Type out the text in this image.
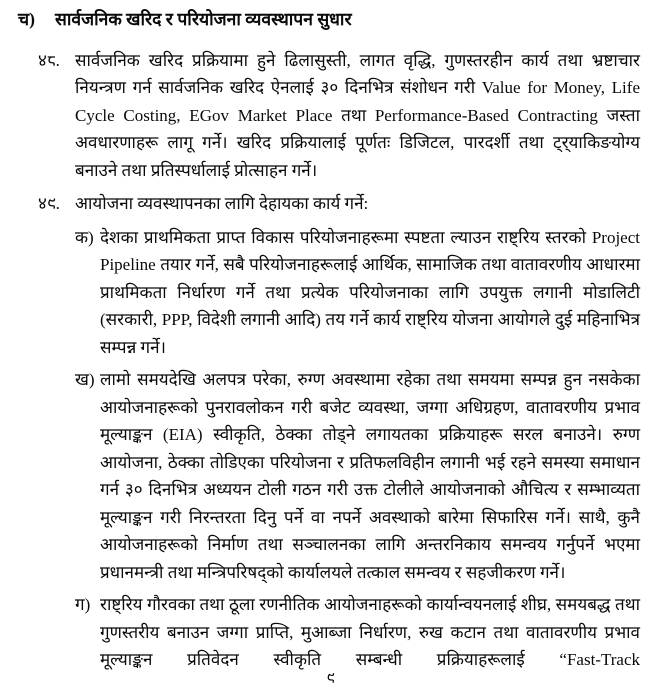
च)	सार्वजनिक खरिद र परियोजना व्यवस्थापन सुधार
४८. सार्वजनिक खरिद प्रक्रियामा हुने ढिलासुस्ती, लागत वृद्धि, गुणस्तरहीन कार्य तथा भ्रष्टाचार नियन्त्रण गर्न सार्वजनिक खरिद ऐनलाई ३० दिनभित्र संशोधन गरी Value for Money, Life Cycle Costing, EGov Market Place तथा Performance-Based Contracting जस्ता अवधारणाहरू लागू गर्ने। खरिद प्रक्रियालाई पूर्णतः डिजिटल, पारदर्शी तथा ट्र्याकिङयोग्य बनाउने तथा प्रतिस्पर्धालाई प्रोत्साहन गर्ने।
४९. आयोजना व्यवस्थापनका लागि देहायका कार्य गर्ने:
क) देशका प्राथमिकता प्राप्त विकास परियोजनाहरूमा स्पष्टता ल्याउन राष्ट्रिय स्तरको Project Pipeline तयार गर्ने, सबै परियोजनाहरूलाई आर्थिक, सामाजिक तथा वातावरणीय आधारमा प्राथमिकता निर्धारण गर्ने तथा प्रत्येक परियोजनाका लागि उपयुक्त लगानी मोडालिटी (सरकारी, PPP, विदेशी लगानी आदि) तय गर्ने कार्य राष्ट्रिय योजना आयोगले दुई महिनाभित्र सम्पन्न गर्ने।
ख) लामो समयदेखि अलपत्र परेका, रुग्ण अवस्थामा रहेका तथा समयमा सम्पन्न हुन नसकेका आयोजनाहरूको पुनरावलोकन गरी बजेट व्यवस्था, जग्गा अधिग्रहण, वातावरणीय प्रभाव मूल्याङ्कन (EIA) स्वीकृति, ठेक्का तोड्ने लगायतका प्रक्रियाहरू सरल बनाउने। रुग्ण आयोजना, ठेक्का तोडिएका परियोजना र प्रतिफलविहीन लगानी भई रहने समस्या समाधान गर्न ३० दिनभित्र अध्ययन टोली गठन गरी उक्त टोलीले आयोजनाको औचित्य र सम्भाव्यता मूल्याङ्कन गरी निरन्तरता दिनु पर्ने वा नपर्ने अवस्थाको बारेमा सिफारिस गर्ने। साथै, कुनै आयोजनाहरूको निर्माण तथा सञ्चालनका लागि अन्तरनिकाय समन्वय गर्नुपर्ने भएमा प्रधानमन्त्री तथा मन्त्रिपरिषद्को कार्यालयले तत्काल समन्वय र सहजीकरण गर्ने।
ग) राष्ट्रिय गौरवका तथा ठूला रणनीतिक आयोजनाहरूको कार्यान्वयनलाई शीघ्र, समयबद्ध तथा गुणस्तरीय बनाउन जग्गा प्राप्ति, मुआब्जा निर्धारण, रुख कटान तथा वातावरणीय प्रभाव मूल्याङ्कन प्रतिवेदन स्वीकृति सम्बन्धी प्रक्रियाहरूलाई “Fast-Track
९
